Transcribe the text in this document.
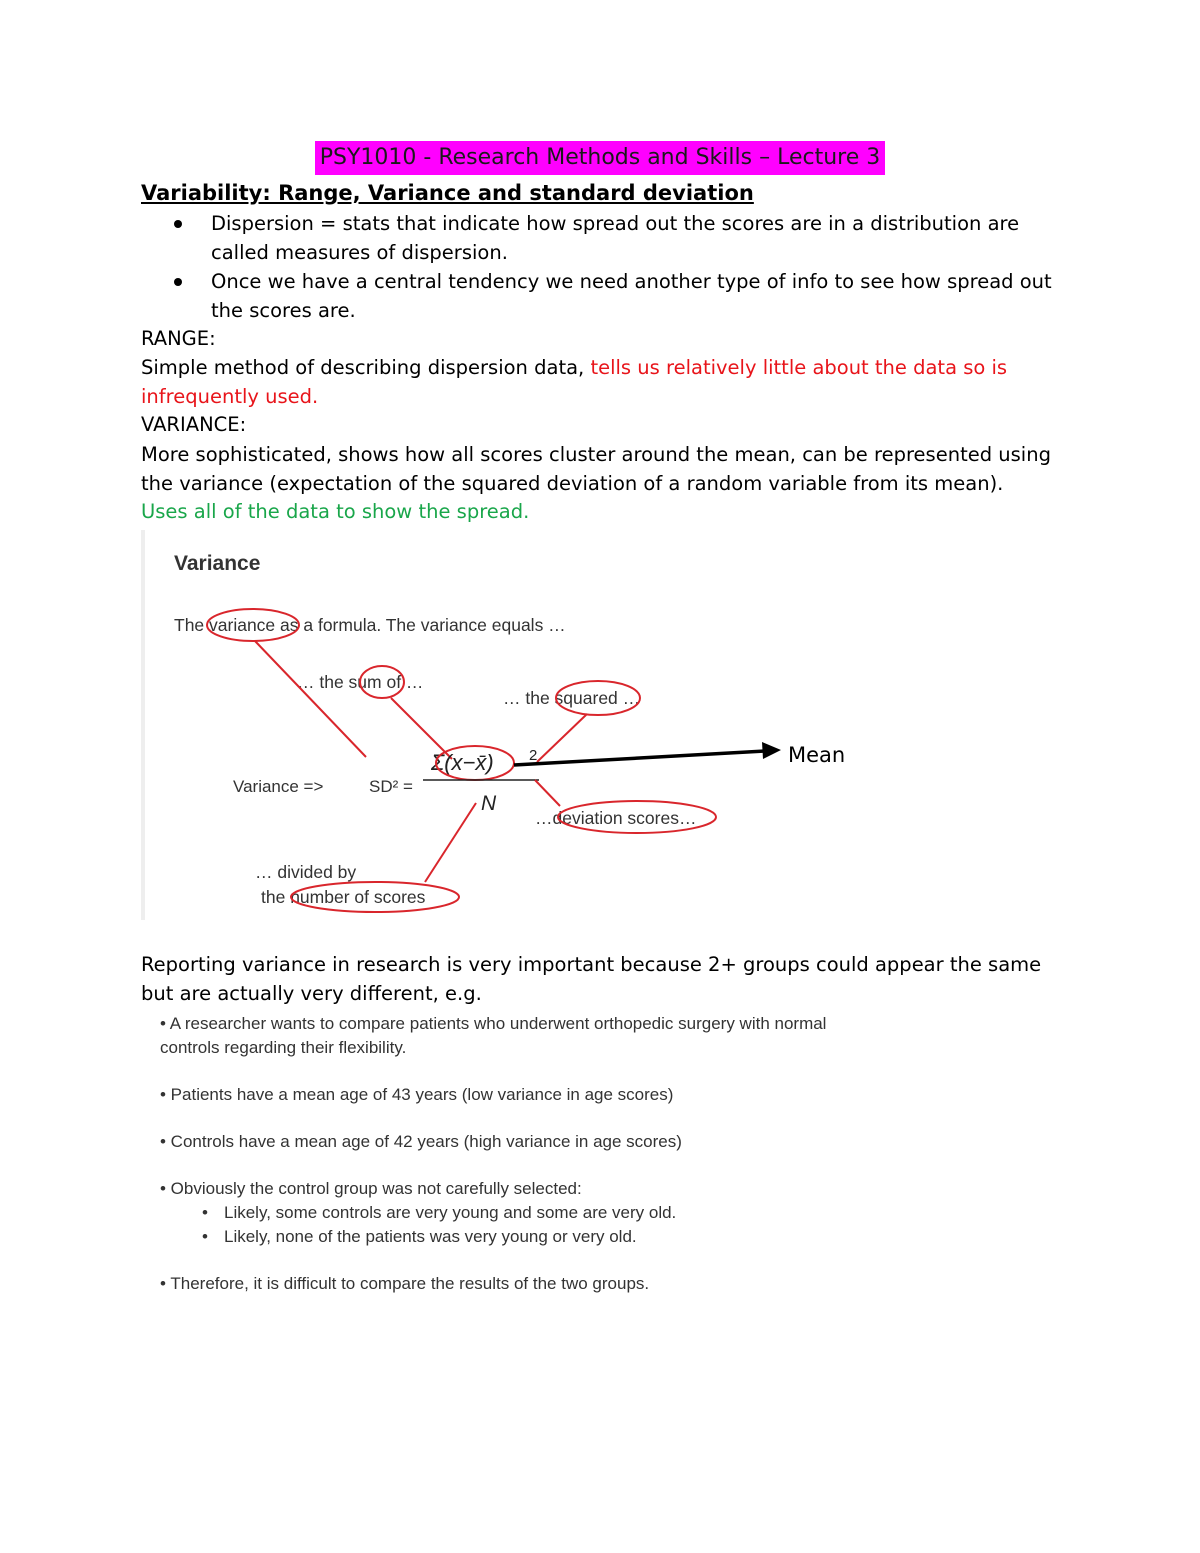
PSY1010 - Research Methods and Skills – Lecture 3
Variability: Range, Variance and standard deviation
Dispersion = stats that indicate how spread out the scores are in a distribution are called measures of dispersion.
Once we have a central tendency we need another type of info to see how spread out the scores are.
RANGE:
Simple method of describing dispersion data, tells us relatively little about the data so is infrequently used.
VARIANCE:
More sophisticated, shows how all scores cluster around the mean, can be represented using the variance (expectation of the squared deviation of a random variable from its mean).
Uses all of the data to show the spread.
Variance
The variance as a formula. The variance equals …
… the sum of …
… the squared …
Variance =>	SD² =
Σ(x−x̄) 2
N
…deviation scores…
… divided by
the number of scores
Mean
Reporting variance in research is very important because 2+ groups could appear the same but are actually very different, e.g.
• A researcher wants to compare patients who underwent orthopedic surgery with normal controls regarding their flexibility.
• Patients have a mean age of 43 years (low variance in age scores)
• Controls have a mean age of 42 years (high variance in age scores)
• Obviously the control group was not carefully selected:
• Likely, some controls are very young and some are very old.
• Likely, none of the patients was very young or very old.
• Therefore, it is difficult to compare the results of the two groups.
